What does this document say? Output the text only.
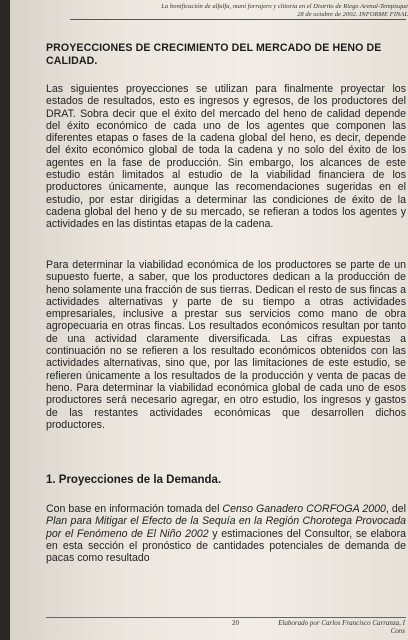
La bonificación de alfalfa, maní forrajero y clitoria en el Distrito de Riego Arenal-Tempisque
28 de octubre de 2002. INFORME FINAL
PROYECCIONES DE CRECIMIENTO DEL MERCADO DE HENO DE CALIDAD.

Las siguientes proyecciones se utilizan para finalmente proyectar los estados de resultados, esto es ingresos y egresos, de los productores del DRAT. Sobra decir que el éxito del mercado del heno de calidad depende del éxito económico de cada uno de los agentes que componen las diferentes etapas o fases de la cadena global del heno, es decir, depende del éxito económico global de toda la cadena y no solo del éxito de los agentes en la fase de producción. Sin embargo, los alcances de este estudio están limitados al estudio de la viabilidad financiera de los productores únicamente, aunque las recomendaciones sugeridas en el estudio, por estar dirigidas a determinar las condiciones de éxito de la cadena global del heno y de su mercado, se refieran a todos los agentes y actividades en las distintas etapas de la cadena.

Para determinar la viabilidad económica de los productores se parte de un supuesto fuerte, a saber, que los productores dedican a la producción de heno solamente una fracción de sus tierras. Dedican el resto de sus fincas a actividades alternativas y parte de su tiempo a otras actividades empresariales, inclusive a prestar sus servicios como mano de obra agropecuaria en otras fincas. Los resultados económicos resultan por tanto de una actividad claramente diversificada. Las cifras expuestas a continuación no se refieren a los resultado económicos obtenidos con las actividades alternativas, sino que, por las limitaciones de este estudio, se refieren únicamente a los resultados de la producción y venta de pacas de heno. Para determinar la viabilidad económica global de cada uno de esos productores será necesario agregar, en otro estudio, los ingresos y gastos de las restantes actividades económicas que desarrollen dichos productores.

1. Proyecciones de la Demanda.

Con base en información tomada del Censo Ganadero CORFOGA 2000, del Plan para Mitigar el Efecto de la Sequía en la Región Chorotega Provocada por el Fenómeno de El Niño 2002 y estimaciones del Consultor, se elabora en esta sección el pronóstico de cantidades potenciales de demanda de pacas como resultado

20	Elaborado por Carlos Francisco Carranza, I
Cons
